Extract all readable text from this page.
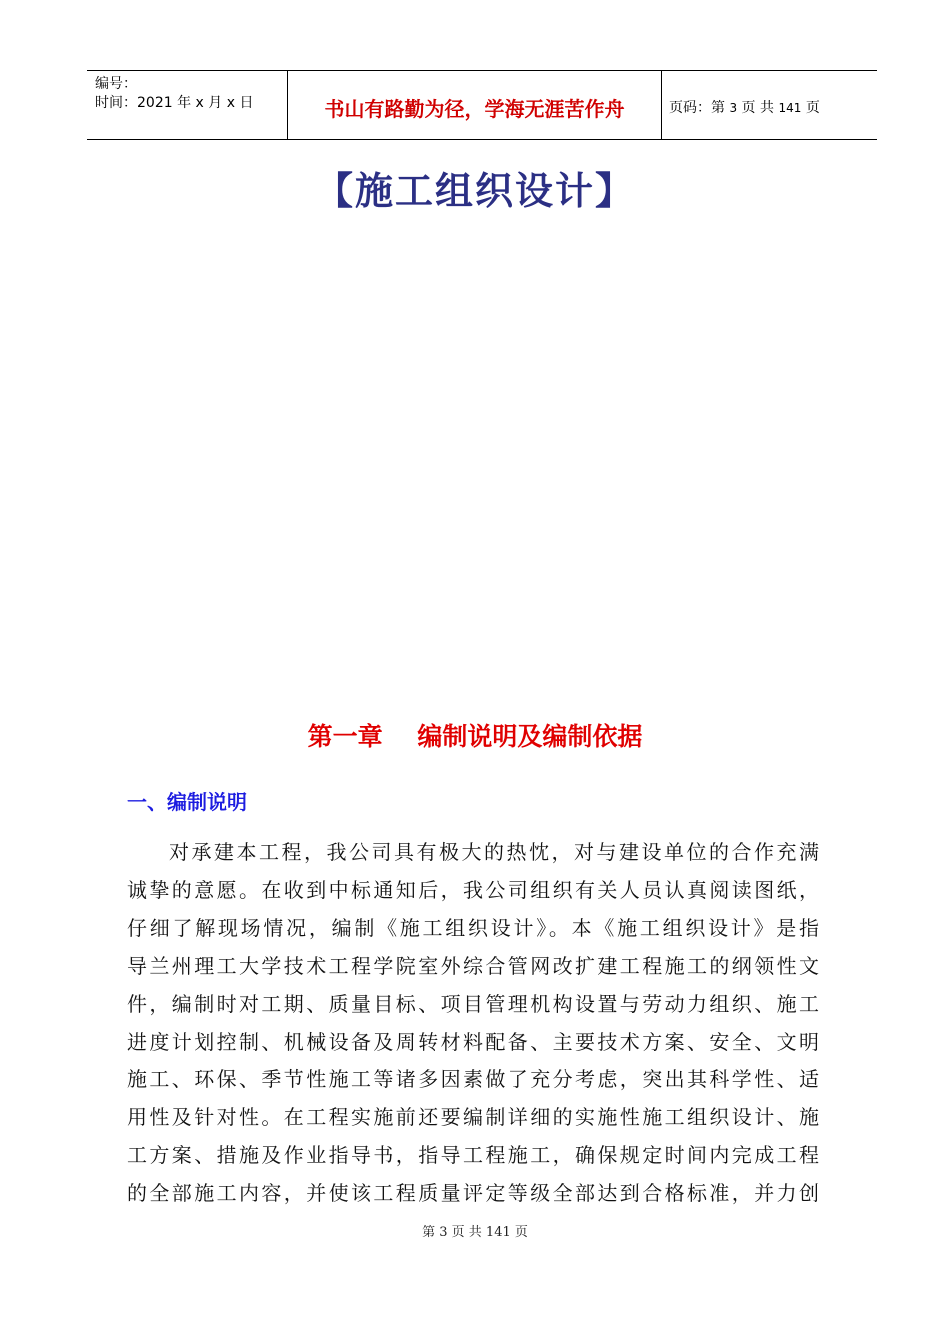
编号：
时间：2021 年 x 月 x 日	书山有路勤为径，学海无涯苦作舟	页码：第 3 页 共 141 页
【施工组织设计】
第一章    编制说明及编制依据
一、编制说明
对承建本工程，我公司具有极大的热忱，对与建设单位的合作充满
诚挚的意愿。在收到中标通知后，我公司组织有关人员认真阅读图纸，
仔细了解现场情况，编制《施工组织设计》。本《施工组织设计》是指
导兰州理工大学技术工程学院室外综合管网改扩建工程施工的纲领性文
件，编制时对工期、质量目标、项目管理机构设置与劳动力组织、施工
进度计划控制、机械设备及周转材料配备、主要技术方案、安全、文明
施工、环保、季节性施工等诸多因素做了充分考虑，突出其科学性、适
用性及针对性。在工程实施前还要编制详细的实施性施工组织设计、施
工方案、措施及作业指导书，指导工程施工，确保规定时间内完成工程
的全部施工内容，并使该工程质量评定等级全部达到合格标准，并力创
第 3 页 共 141 页
